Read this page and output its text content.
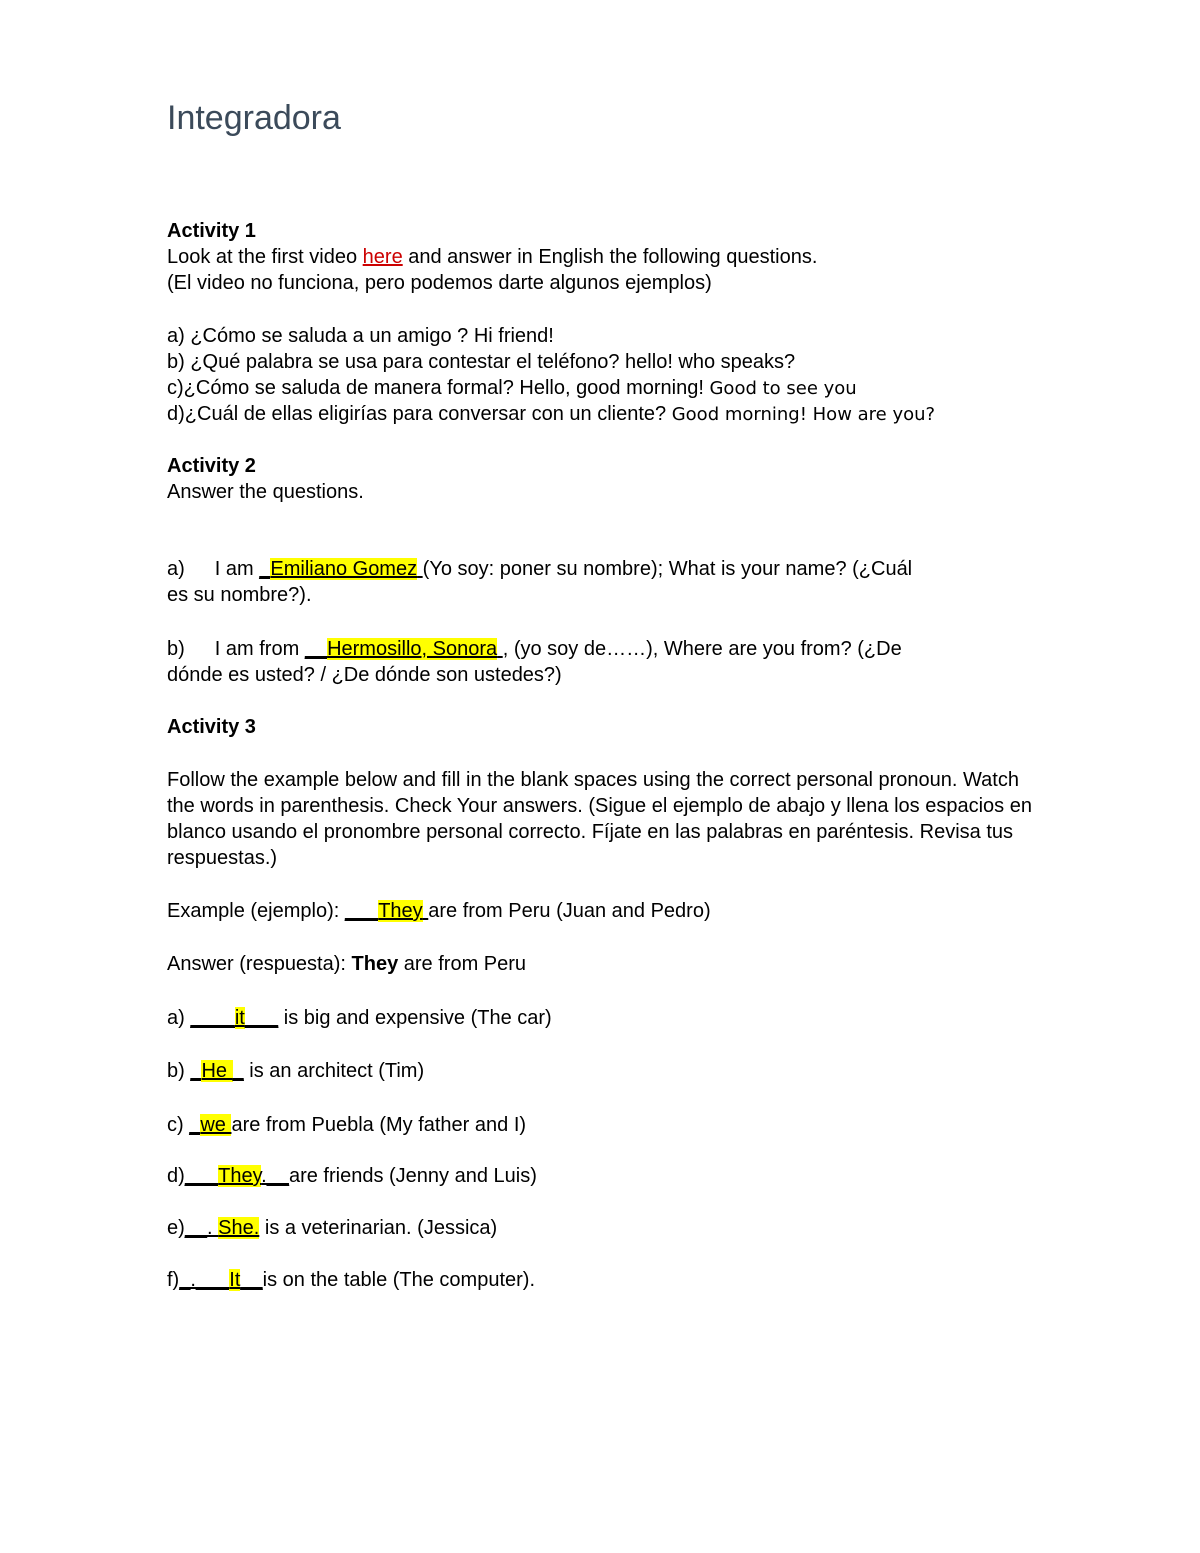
Integradora

Activity 1

Look at the first video here and answer in English the following questions.

(El video no funciona, pero podemos darte algunos ejemplos)

a) ¿Cómo se saluda a un amigo ? Hi friend!

b) ¿Qué palabra se usa para contestar el teléfono? hello! who speaks?

c)¿Cómo se saluda de manera formal? Hello, good morning! Good to see you

d)¿Cuál de ellas eligirías para conversar con un cliente? Good morning! How are you?

Activity 2

Answer the questions.

a) I am _Emiliano Gomez (Yo soy: poner su nombre); What is your name? (¿Cuál

es su nombre?).

b) I am from __Hermosillo, Sonora , (yo soy de……), Where are you from? (¿De

dónde es usted? / ¿De dónde son ustedes?)

Activity 3

Follow the example below and fill in the blank spaces using the correct personal pronoun. Watch the words in parenthesis. Check Your answers. (Sigue el ejemplo de abajo y llena los espacios en blanco usando el pronombre personal correcto. Fíjate en las palabras en paréntesis. Revisa tus respuestas.)

Example (ejemplo): ___They are from Peru (Juan and Pedro)

Answer (respuesta): They are from Peru

a) ____it___ is big and expensive (The car)

b) _He _ is an architect (Tim)

c) _we are from Puebla (My father and I)

d)___They.__are friends (Jenny and Luis)

e)__. She. is a veterinarian. (Jessica)

f)_.___It__is on the table (The computer).
